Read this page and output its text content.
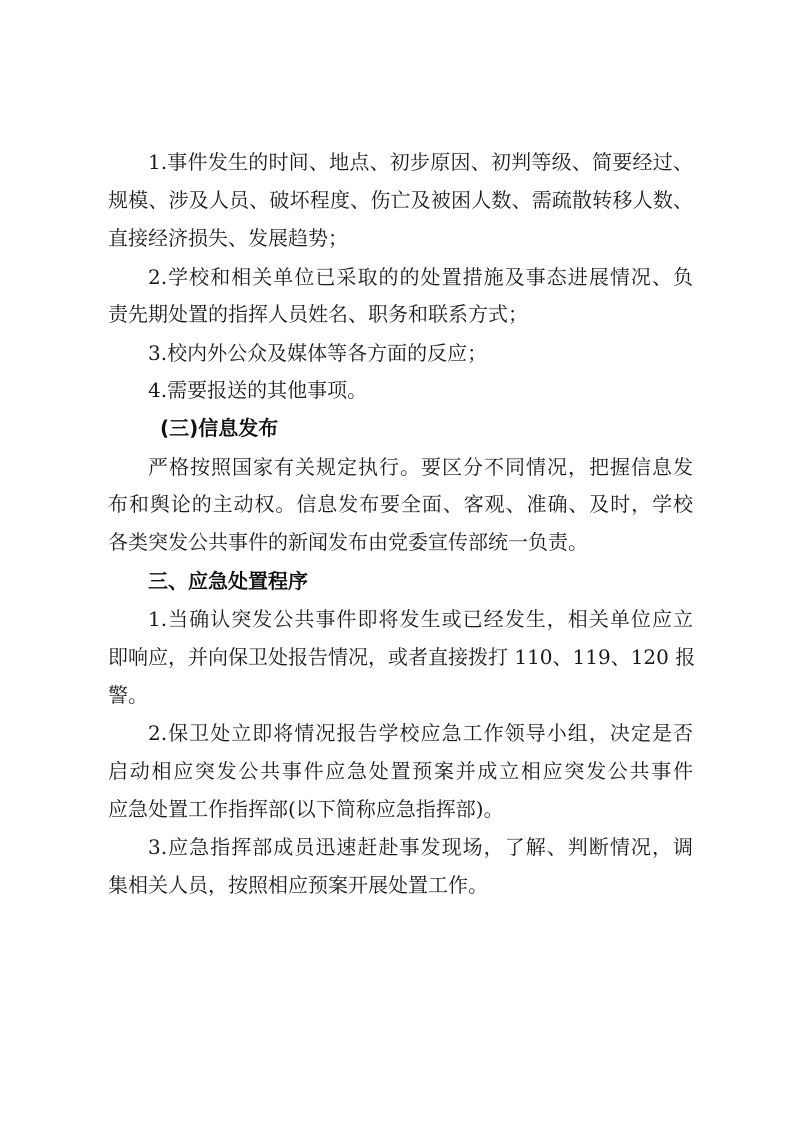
1.事件发生的时间、地点、初步原因、初判等级、简要经过、

规模、涉及人员、破坏程度、伤亡及被困人数、需疏散转移人数、

直接经济损失、发展趋势；

2.学校和相关单位已采取的的处置措施及事态进展情况、负

责先期处置的指挥人员姓名、职务和联系方式；

3.校内外公众及媒体等各方面的反应；

4.需要报送的其他事项。

(三)信息发布

严格按照国家有关规定执行。要区分不同情况，把握信息发

布和舆论的主动权。信息发布要全面、客观、准确、及时，学校

各类突发公共事件的新闻发布由党委宣传部统一负责。

三、应急处置程序

1.当确认突发公共事件即将发生或已经发生，相关单位应立

即响应，并向保卫处报告情况，或者直接拨打 110、119、120 报

警。

2.保卫处立即将情况报告学校应急工作领导小组，决定是否

启动相应突发公共事件应急处置预案并成立相应突发公共事件

应急处置工作指挥部(以下简称应急指挥部)。

3.应急指挥部成员迅速赶赴事发现场，了解、判断情况，调

集相关人员，按照相应预案开展处置工作。
